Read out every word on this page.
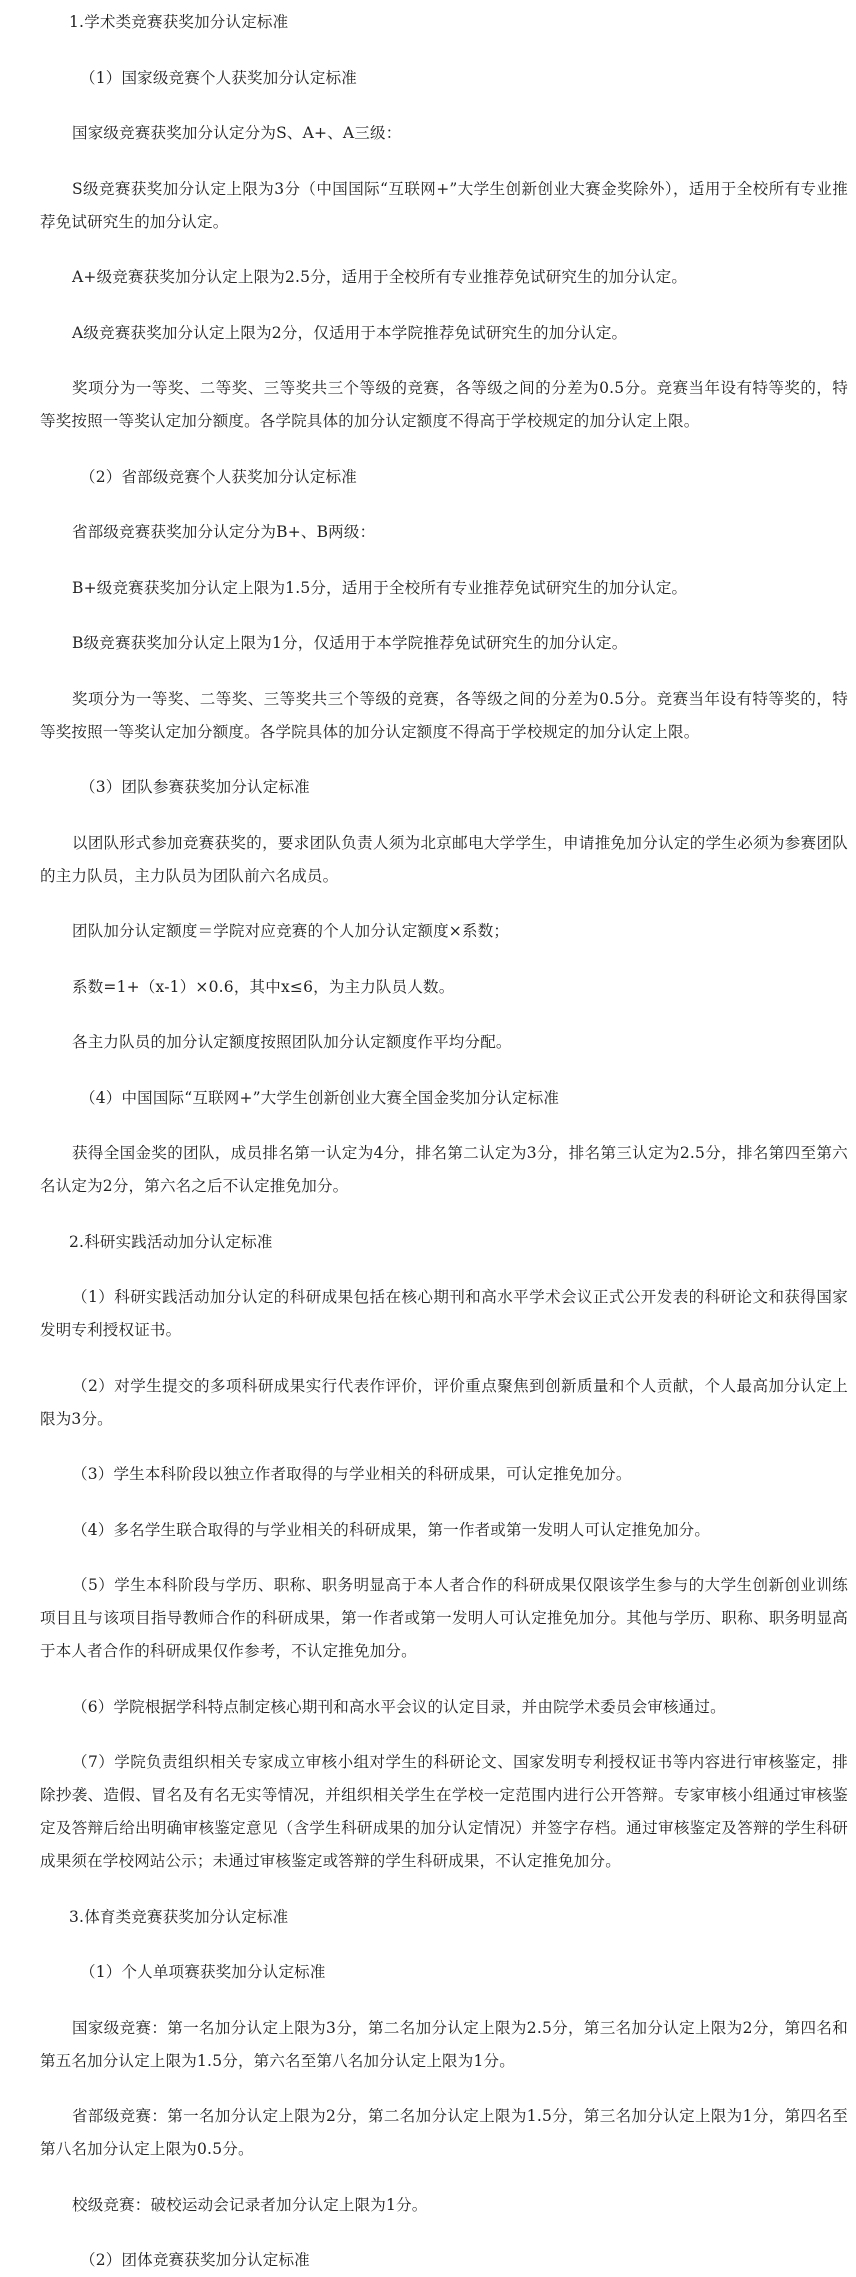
1.学术类竞赛获奖加分认定标准

（1）国家级竞赛个人获奖加分认定标准

国家级竞赛获奖加分认定分为S、A+、A三级：

S级竞赛获奖加分认定上限为3分（中国国际“互联网+”大学生创新创业大赛金奖除外），适用于全校所有专业推荐免试研究生的加分认定。

A+级竞赛获奖加分认定上限为2.5分，适用于全校所有专业推荐免试研究生的加分认定。

A级竞赛获奖加分认定上限为2分，仅适用于本学院推荐免试研究生的加分认定。

奖项分为一等奖、二等奖、三等奖共三个等级的竞赛，各等级之间的分差为0.5分。竞赛当年设有特等奖的，特等奖按照一等奖认定加分额度。各学院具体的加分认定额度不得高于学校规定的加分认定上限。

（2）省部级竞赛个人获奖加分认定标准

省部级竞赛获奖加分认定分为B+、B两级：

B+级竞赛获奖加分认定上限为1.5分，适用于全校所有专业推荐免试研究生的加分认定。

B级竞赛获奖加分认定上限为1分，仅适用于本学院推荐免试研究生的加分认定。

奖项分为一等奖、二等奖、三等奖共三个等级的竞赛，各等级之间的分差为0.5分。竞赛当年设有特等奖的，特等奖按照一等奖认定加分额度。各学院具体的加分认定额度不得高于学校规定的加分认定上限。

（3）团队参赛获奖加分认定标准

以团队形式参加竞赛获奖的，要求团队负责人须为北京邮电大学学生，申请推免加分认定的学生必须为参赛团队的主力队员，主力队员为团队前六名成员。

团队加分认定额度＝学院对应竞赛的个人加分认定额度×系数；

系数=1+（x-1）×0.6，其中x≤6，为主力队员人数。

各主力队员的加分认定额度按照团队加分认定额度作平均分配。

（4）中国国际“互联网+”大学生创新创业大赛全国金奖加分认定标准

获得全国金奖的团队，成员排名第一认定为4分，排名第二认定为3分，排名第三认定为2.5分，排名第四至第六名认定为2分，第六名之后不认定推免加分。

2.科研实践活动加分认定标准

（1）科研实践活动加分认定的科研成果包括在核心期刊和高水平学术会议正式公开发表的科研论文和获得国家发明专利授权证书。

（2）对学生提交的多项科研成果实行代表作评价，评价重点聚焦到创新质量和个人贡献，个人最高加分认定上限为3分。

（3）学生本科阶段以独立作者取得的与学业相关的科研成果，可认定推免加分。

（4）多名学生联合取得的与学业相关的科研成果，第一作者或第一发明人可认定推免加分。

（5）学生本科阶段与学历、职称、职务明显高于本人者合作的科研成果仅限该学生参与的大学生创新创业训练项目且与该项目指导教师合作的科研成果，第一作者或第一发明人可认定推免加分。其他与学历、职称、职务明显高于本人者合作的科研成果仅作参考，不认定推免加分。

（6）学院根据学科特点制定核心期刊和高水平会议的认定目录，并由院学术委员会审核通过。

（7）学院负责组织相关专家成立审核小组对学生的科研论文、国家发明专利授权证书等内容进行审核鉴定，排除抄袭、造假、冒名及有名无实等情况，并组织相关学生在学校一定范围内进行公开答辩。专家审核小组通过审核鉴定及答辩后给出明确审核鉴定意见（含学生科研成果的加分认定情况）并签字存档。通过审核鉴定及答辩的学生科研成果须在学校网站公示；未通过审核鉴定或答辩的学生科研成果，不认定推免加分。

3.体育类竞赛获奖加分认定标准

（1）个人单项赛获奖加分认定标准

国家级竞赛：第一名加分认定上限为3分，第二名加分认定上限为2.5分，第三名加分认定上限为2分，第四名和第五名加分认定上限为1.5分，第六名至第八名加分认定上限为1分。

省部级竞赛：第一名加分认定上限为2分，第二名加分认定上限为1.5分，第三名加分认定上限为1分，第四名至第八名加分认定上限为0.5分。

校级竞赛：破校运动会记录者加分认定上限为1分。

（2）团体竞赛获奖加分认定标准
